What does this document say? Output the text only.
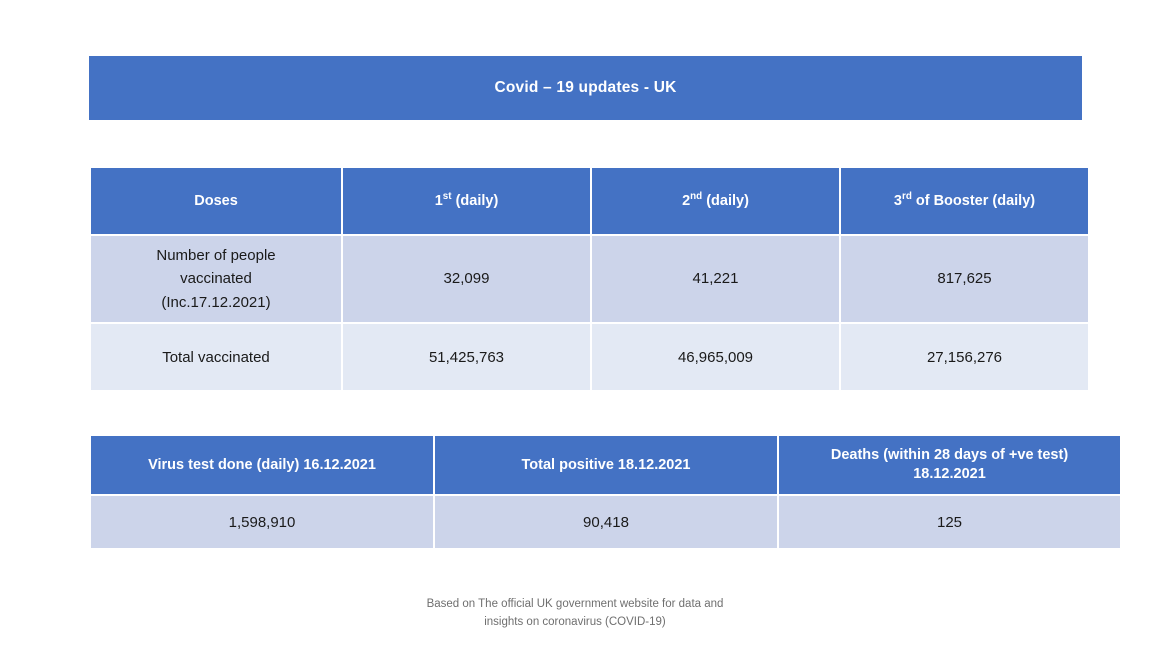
Covid – 19 updates - UK
Doses	1st (daily)	2nd (daily)	3rd of Booster (daily)

Number of people
vaccinated
(Inc.17.12.2021)	32,099	41,221	817,625
Total vaccinated	51,425,763	46,965,009	27,156,276
Virus test done (daily) 16.12.2021	Total positive 18.12.2021	Deaths (within 28 days of +ve test)
18.12.2021

1,598,910	90,418	125
Based on The official UK government website for data and
insights on coronavirus (COVID-19)
